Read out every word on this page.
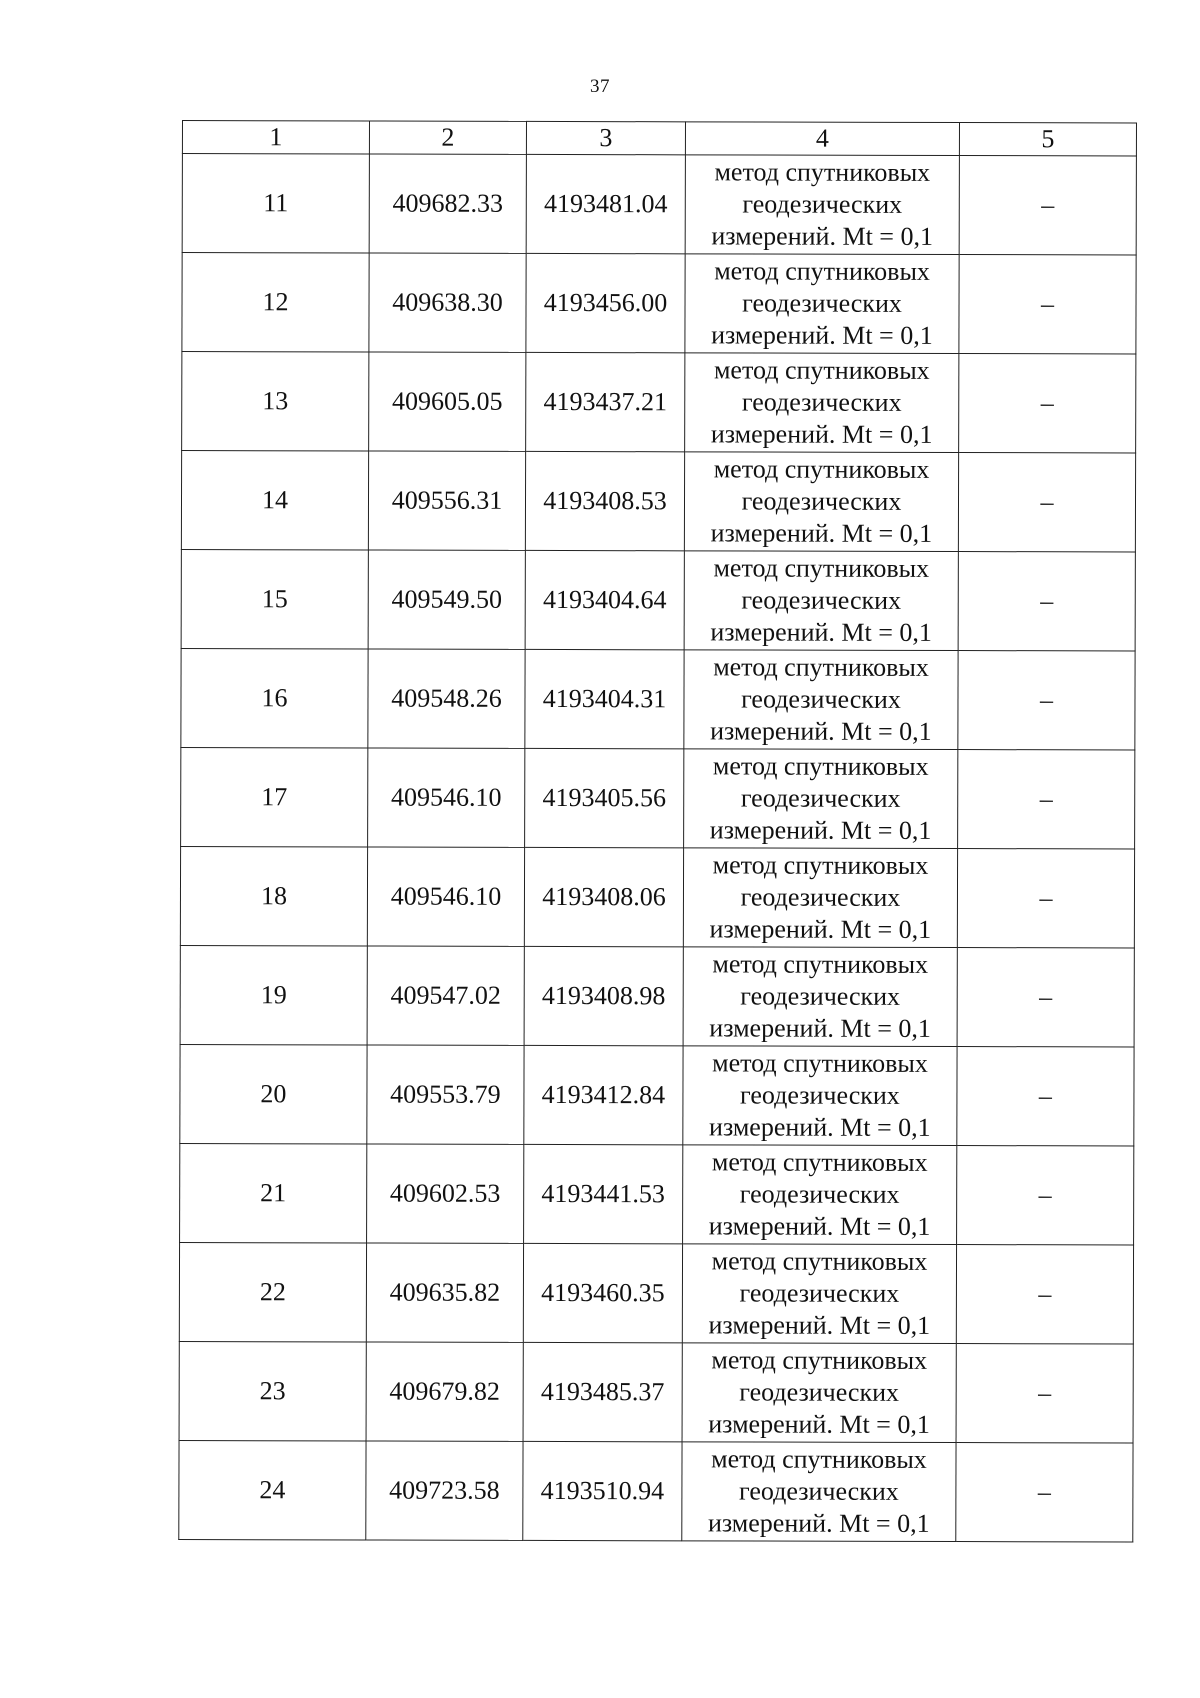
37
1	2	3	4	5
11	409682.33	4193481.04	метод спутниковых
геодезических
измерений. Mt = 0,1	–
12	409638.30	4193456.00	метод спутниковых
геодезических
измерений. Mt = 0,1	–
13	409605.05	4193437.21	метод спутниковых
геодезических
измерений. Mt = 0,1	–
14	409556.31	4193408.53	метод спутниковых
геодезических
измерений. Mt = 0,1	–
15	409549.50	4193404.64	метод спутниковых
геодезических
измерений. Mt = 0,1	–
16	409548.26	4193404.31	метод спутниковых
геодезических
измерений. Mt = 0,1	–
17	409546.10	4193405.56	метод спутниковых
геодезических
измерений. Mt = 0,1	–
18	409546.10	4193408.06	метод спутниковых
геодезических
измерений. Mt = 0,1	–
19	409547.02	4193408.98	метод спутниковых
геодезических
измерений. Mt = 0,1	–
20	409553.79	4193412.84	метод спутниковых
геодезических
измерений. Mt = 0,1	–
21	409602.53	4193441.53	метод спутниковых
геодезических
измерений. Mt = 0,1	–
22	409635.82	4193460.35	метод спутниковых
геодезических
измерений. Mt = 0,1	–
23	409679.82	4193485.37	метод спутниковых
геодезических
измерений. Mt = 0,1	–
24	409723.58	4193510.94	метод спутниковых
геодезических
измерений. Mt = 0,1	–
